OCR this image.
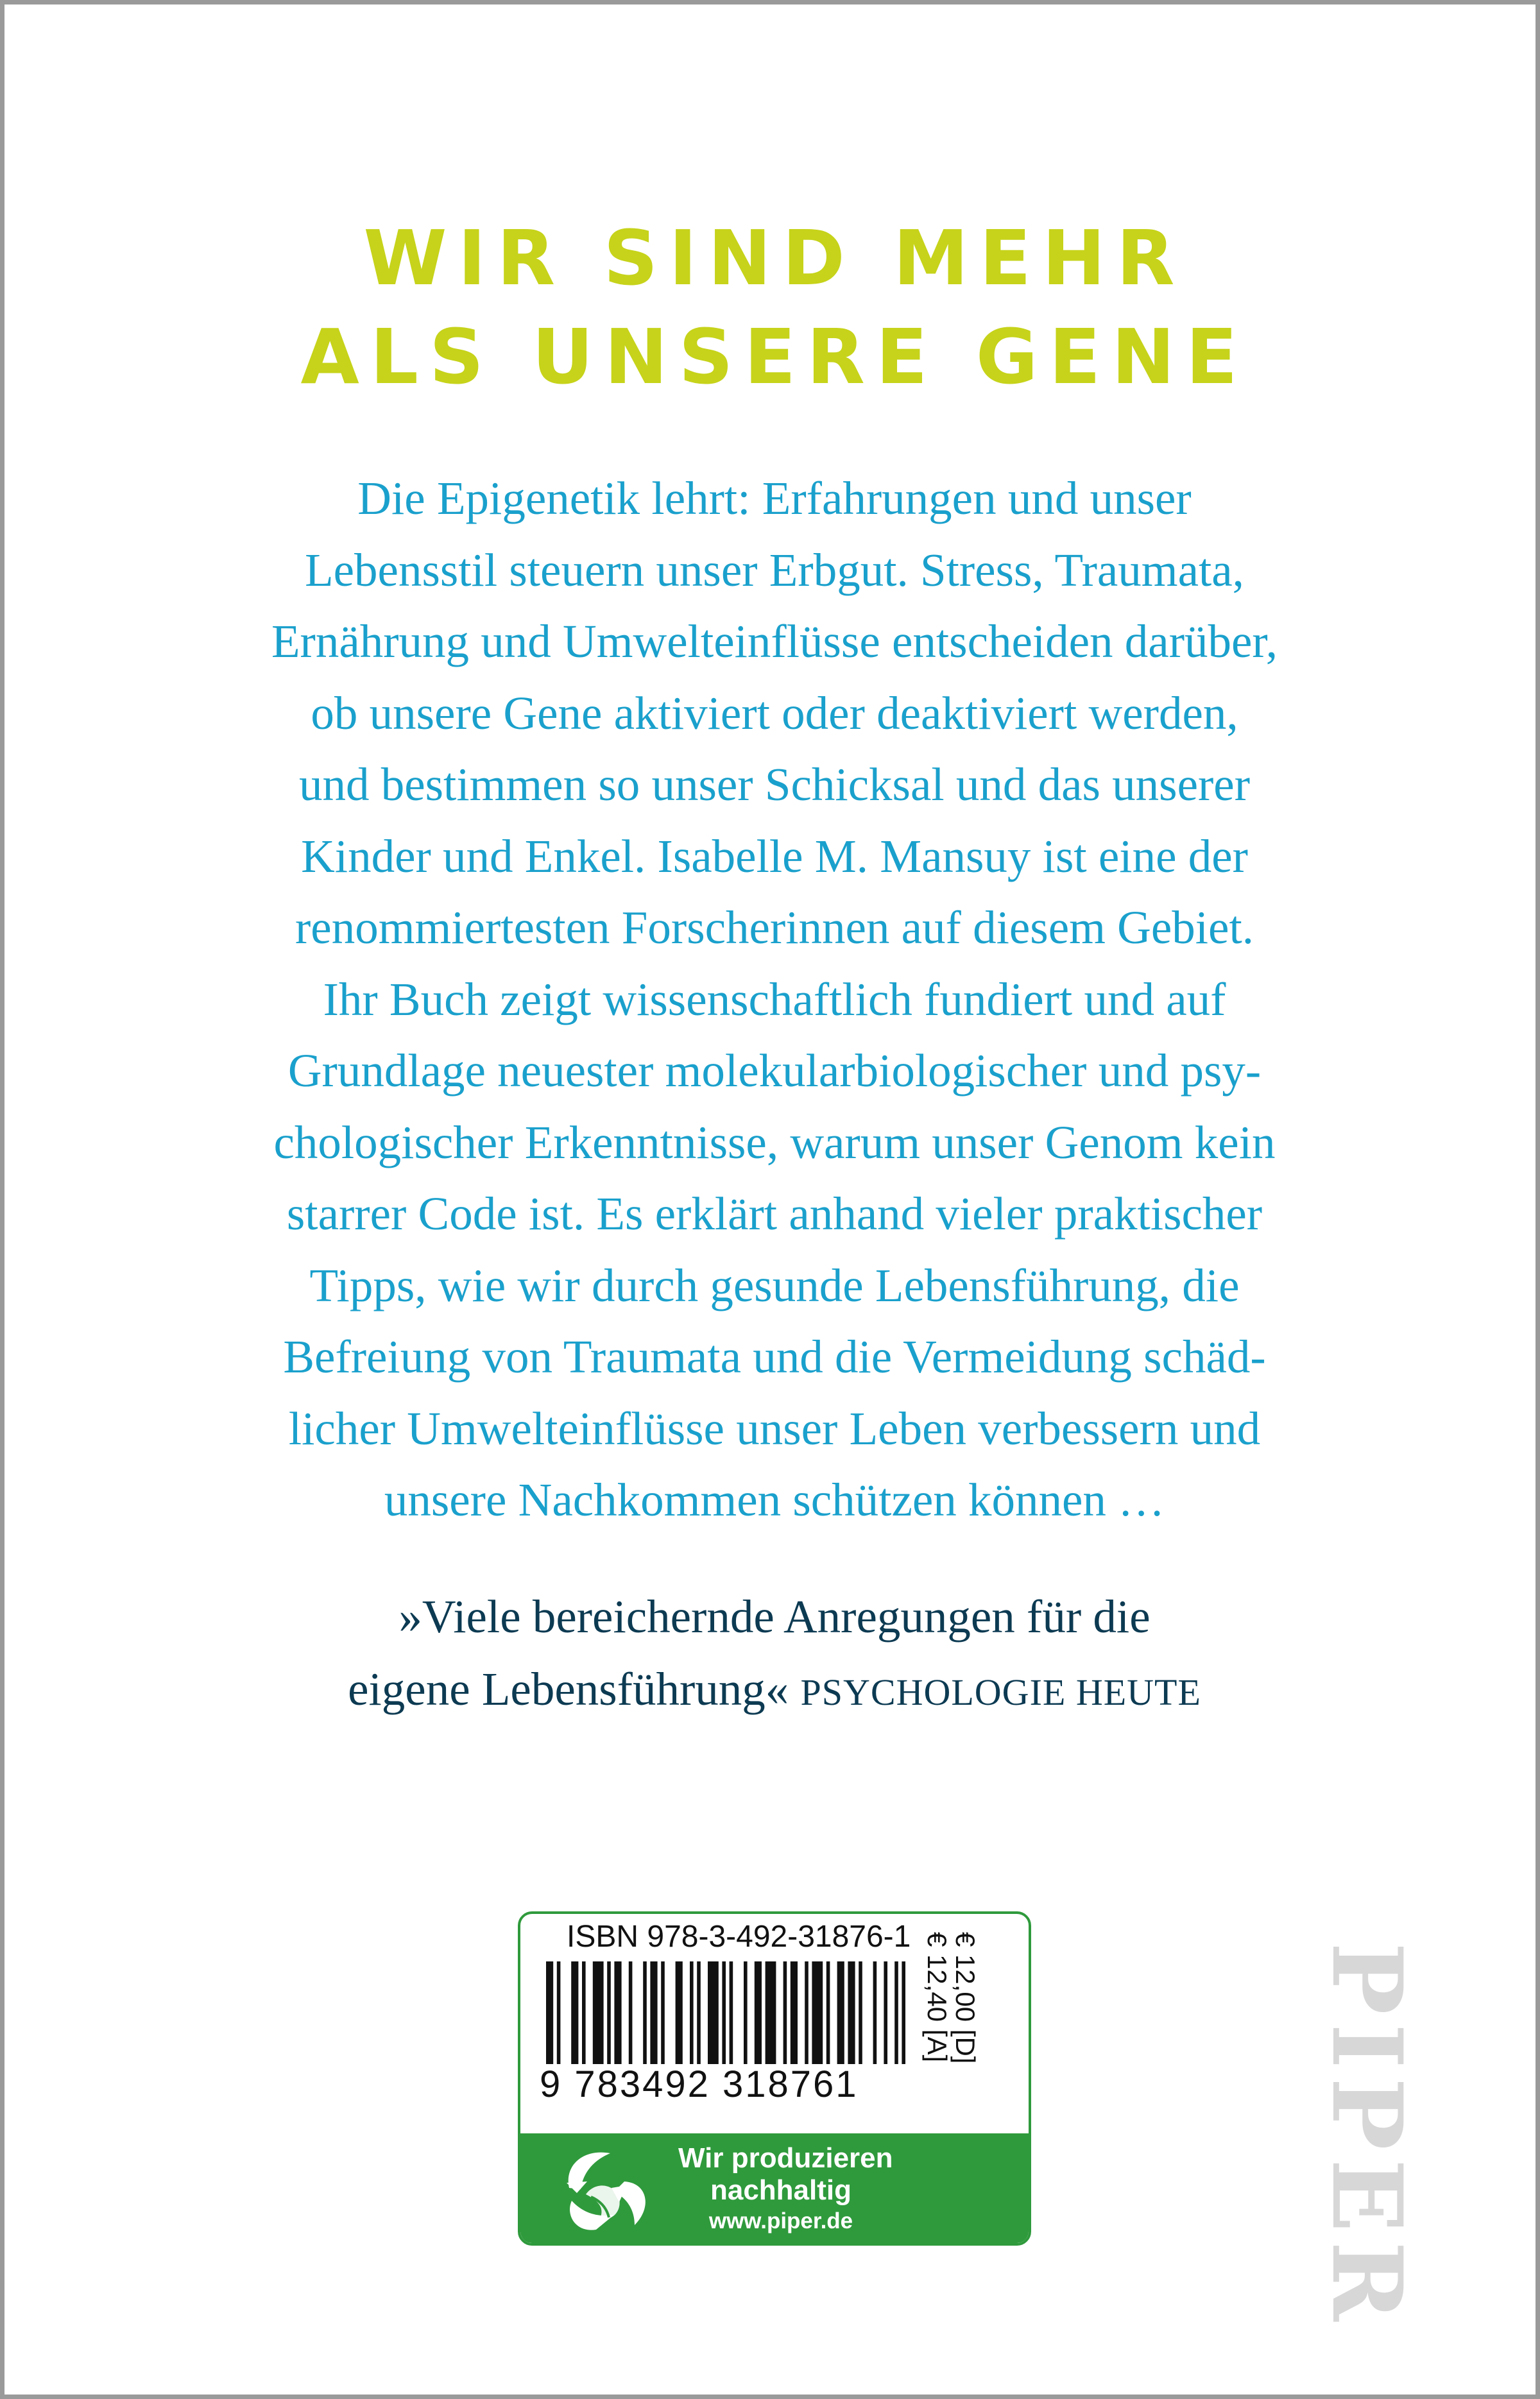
WIR SIND MEHR
ALS UNSERE GENE
Die Epigenetik lehrt: Erfahrungen und unser
Lebensstil steuern unser Erbgut. Stress, Traumata,
Ernährung und Umwelteinflüsse entscheiden darüber,
ob unsere Gene aktiviert oder deaktiviert werden,
und bestimmen so unser Schicksal und das unserer
Kinder und Enkel. Isabelle M. Mansuy ist eine der
renommiertesten Forscherinnen auf diesem Gebiet.
Ihr Buch zeigt wissenschaftlich fundiert und auf
Grundlage neuester molekularbiologischer und psy-
chologischer Erkenntnisse, warum unser Genom kein
starrer Code ist. Es erklärt anhand vieler praktischer
Tipps, wie wir durch gesunde Lebensführung, die
Befreiung von Traumata und die Vermeidung schäd-
licher Umwelteinflüsse unser Leben verbessern und
unsere Nachkommen schützen können …
»Viele bereichernde Anregungen für die
eigene Lebensführung« PSYCHOLOGIE HEUTE
ISBN 978-3-492-31876-1
9 783492 318761
€ 12,00 [D]
€ 12,40 [A]
Wir produzieren
nachhaltig
www.piper.de	PIPER
